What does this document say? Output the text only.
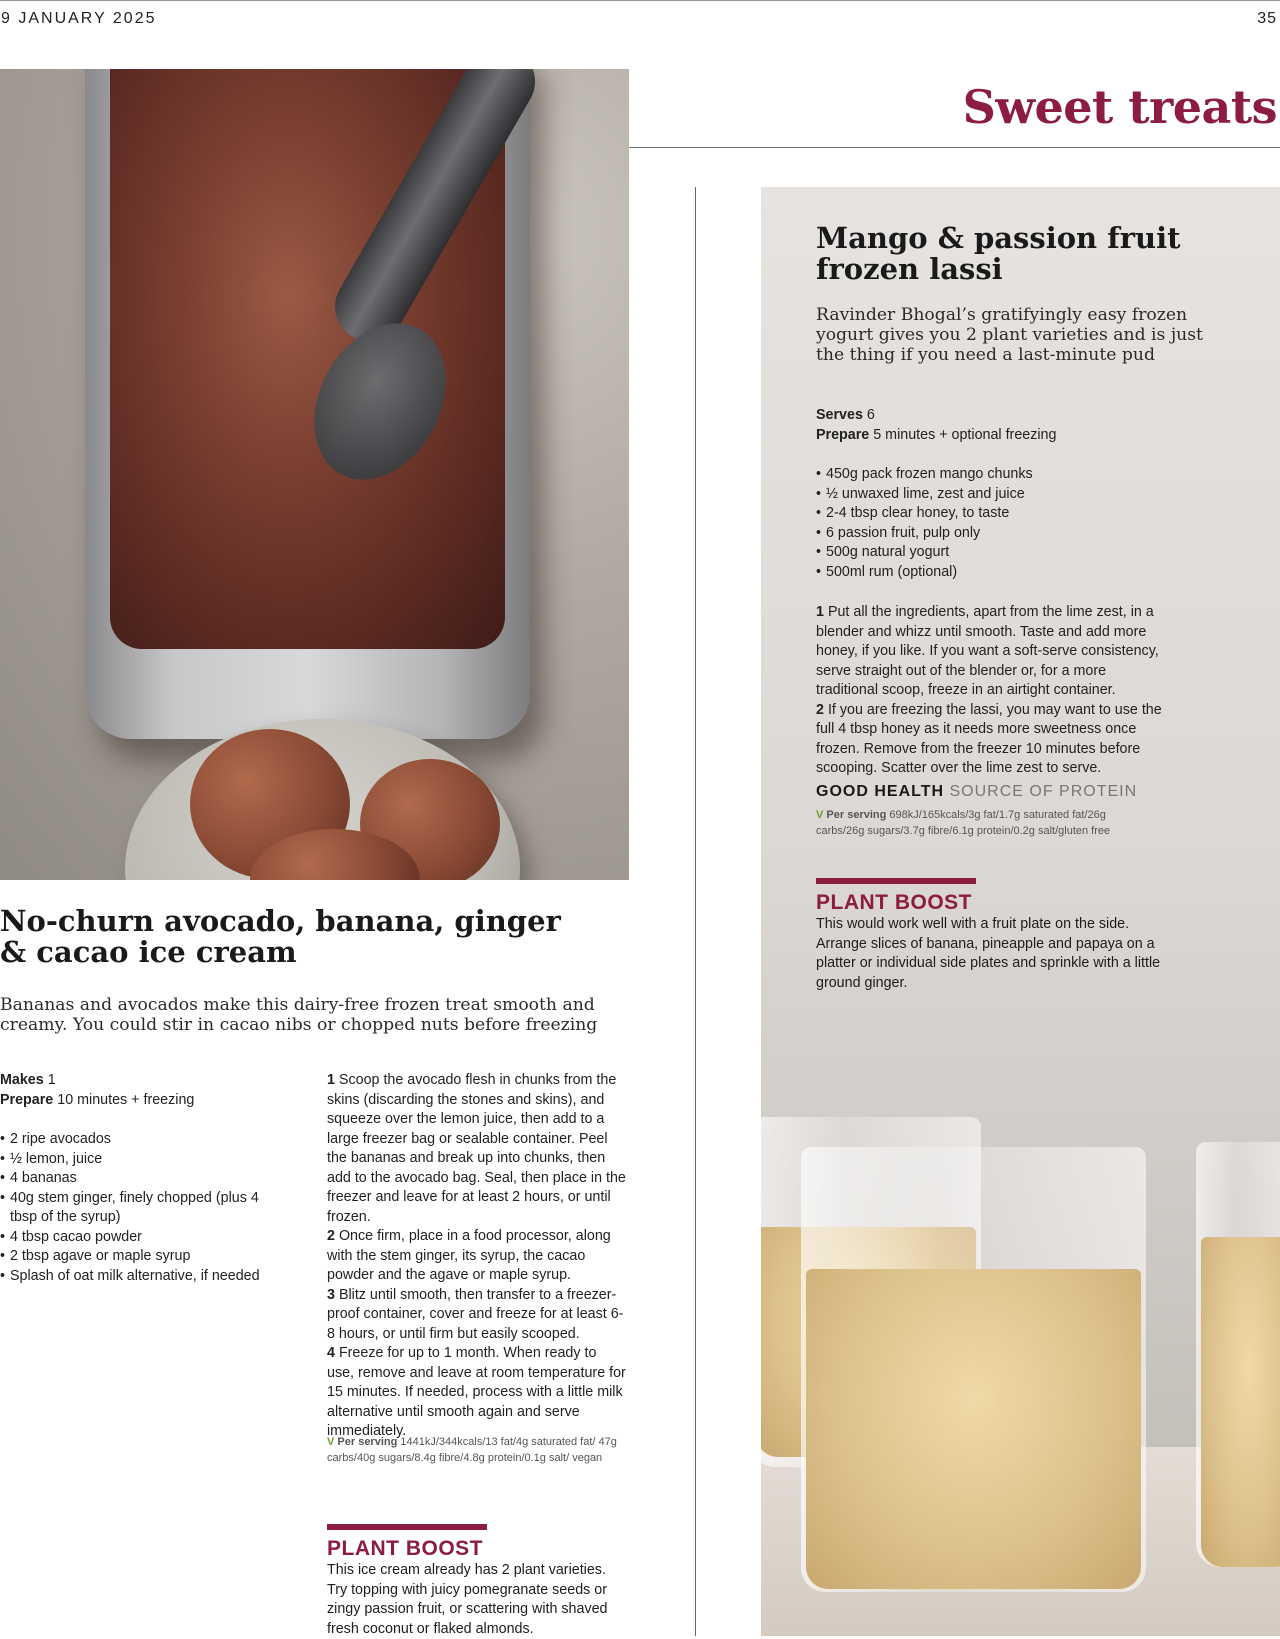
9 JANUARY 2025	35
Sweet treats
Mango & passion fruit
frozen lassi
Ravinder Bhogal’s gratifyingly easy frozen yogurt gives you 2 plant varieties and is just the thing if you need a last-minute pud
Serves 6
Prepare 5 minutes + optional freezing
• 450g pack frozen mango chunks
• ½ unwaxed lime, zest and juice
• 2-4 tbsp clear honey, to taste
• 6 passion fruit, pulp only
• 500g natural yogurt
• 500ml rum (optional)
1 Put all the ingredients, apart from the lime zest, in a blender and whizz until smooth. Taste and add more honey, if you like. If you want a soft-serve consistency, serve straight out of the blender or, for a more traditional scoop, freeze in an airtight container.
2 If you are freezing the lassi, you may want to use the full 4 tbsp honey as it needs more sweetness once frozen. Remove from the freezer 10 minutes before scooping. Scatter over the lime zest to serve.
GOOD HEALTH SOURCE OF PROTEIN
V Per serving 698kJ/165kcals/3g fat/1.7g saturated fat/26g carbs/26g sugars/3.7g fibre/6.1g protein/0.2g salt/gluten free
PLANT BOOST
This would work well with a fruit plate on the side. Arrange slices of banana, pineapple and papaya on a platter or individual side plates and sprinkle with a little ground ginger.
No-churn avocado, banana, ginger
& cacao ice cream
Bananas and avocados make this dairy-free frozen treat smooth and creamy. You could stir in cacao nibs or chopped nuts before freezing
Makes 1
Prepare 10 minutes + freezing
• 2 ripe avocados
• ½ lemon, juice
• 4 bananas
• 40g stem ginger, finely chopped (plus 4 tbsp of the syrup)
• 4 tbsp cacao powder
• 2 tbsp agave or maple syrup
• Splash of oat milk alternative, if needed
1 Scoop the avocado flesh in chunks from the skins (discarding the stones and skins), and squeeze over the lemon juice, then add to a large freezer bag or sealable container. Peel the bananas and break up into chunks, then add to the avocado bag. Seal, then place in the freezer and leave for at least 2 hours, or until frozen.
2 Once firm, place in a food processor, along with the stem ginger, its syrup, the cacao powder and the agave or maple syrup.
3 Blitz until smooth, then transfer to a freezer-proof container, cover and freeze for at least 6-8 hours, or until firm but easily scooped.
4 Freeze for up to 1 month. When ready to use, remove and leave at room temperature for 15 minutes. If needed, process with a little milk alternative until smooth again and serve immediately.
V Per serving 1441kJ/344kcals/13 fat/4g saturated fat/ 47g carbs/40g sugars/8.4g fibre/4.8g protein/0.1g salt/ vegan
PLANT BOOST
This ice cream already has 2 plant varieties. Try topping with juicy pomegranate seeds or zingy passion fruit, or scattering with shaved fresh coconut or flaked almonds.
